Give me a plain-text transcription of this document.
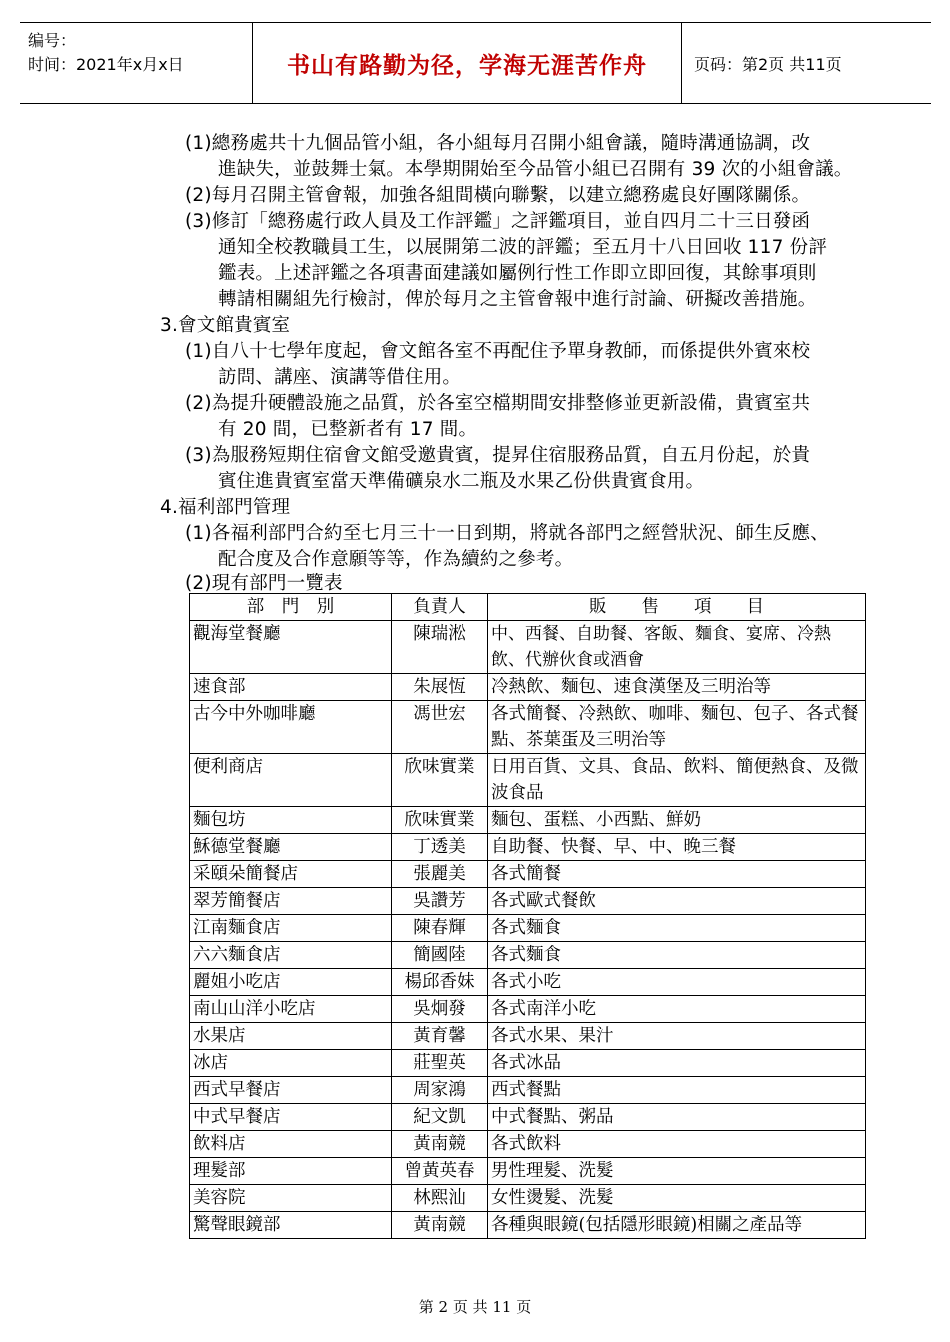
编号：
时间：2021年x月x日	书山有路勤为径，学海无涯苦作舟	页码：第2页 共11页
(1)總務處共十九個品管小組，各小組每月召開小組會議，隨時溝通協調，改
進缺失，並鼓舞士氣。本學期開始至今品管小組已召開有 39 次的小組會議。
(2)每月召開主管會報，加強各組間橫向聯繫，以建立總務處良好團隊關係。
(3)修訂「總務處行政人員及工作評鑑」之評鑑項目，並自四月二十三日發函
通知全校教職員工生，以展開第二波的評鑑；至五月十八日回收 117 份評
鑑表。上述評鑑之各項書面建議如屬例行性工作即立即回復，其餘事項則
轉請相關組先行檢討，俾於每月之主管會報中進行討論、研擬改善措施。
3.會文館貴賓室
(1)自八十七學年度起，會文館各室不再配住予單身教師，而係提供外賓來校
訪問、講座、演講等借住用。
(2)為提升硬體設施之品質，於各室空檔期間安排整修並更新設備，貴賓室共
有 20 間，已整新者有 17 間。
(3)為服務短期住宿會文館受邀貴賓，提昇住宿服務品質，自五月份起，於貴
賓住進貴賓室當天準備礦泉水二瓶及水果乙份供貴賓食用。
4.福利部門管理
(1)各福利部門合約至七月三十一日到期，將就各部門之經營狀況、師生反應、
配合度及合作意願等等，作為續約之參考。
(2)現有部門一覽表
部　門　別	負責人	販　　售　　項　　目
觀海堂餐廳	陳瑞淞	中、西餐、自助餐、客飯、麵食、宴席、冷熱飲、代辦伙食或酒會
速食部	朱展恆	冷熱飲、麵包、速食漢堡及三明治等
古今中外咖啡廳	馮世宏	各式簡餐、冷熱飲、咖啡、麵包、包子、各式餐點、茶葉蛋及三明治等
便利商店	欣味實業	日用百貨、文具、食品、飲料、簡便熱食、及微波食品
麵包坊	欣味實業	麵包、蛋糕、小西點、鮮奶
穌德堂餐廳	丁透美	自助餐、快餐、早、中、晚三餐
采頤朵簡餐店	張麗美	各式簡餐
翠芳簡餐店	吳讚芳	各式歐式餐飲
江南麵食店	陳春輝	各式麵食
六六麵食店	簡國陸	各式麵食
麗姐小吃店	楊邱香妹	各式小吃
南山山洋小吃店	吳炯發	各式南洋小吃
水果店	黃育馨	各式水果、果汁
冰店	莊聖英	各式冰品
西式早餐店	周家鴻	西式餐點
中式早餐店	紀文凱	中式餐點、粥品
飲料店	黃南競	各式飲料
理髮部	曾黃英春	男性理髮、洗髮
美容院	林熙汕	女性燙髮、洗髮
驚聲眼鏡部	黃南競	各種與眼鏡(包括隱形眼鏡)相關之產品等
第 2 页 共 11 页
